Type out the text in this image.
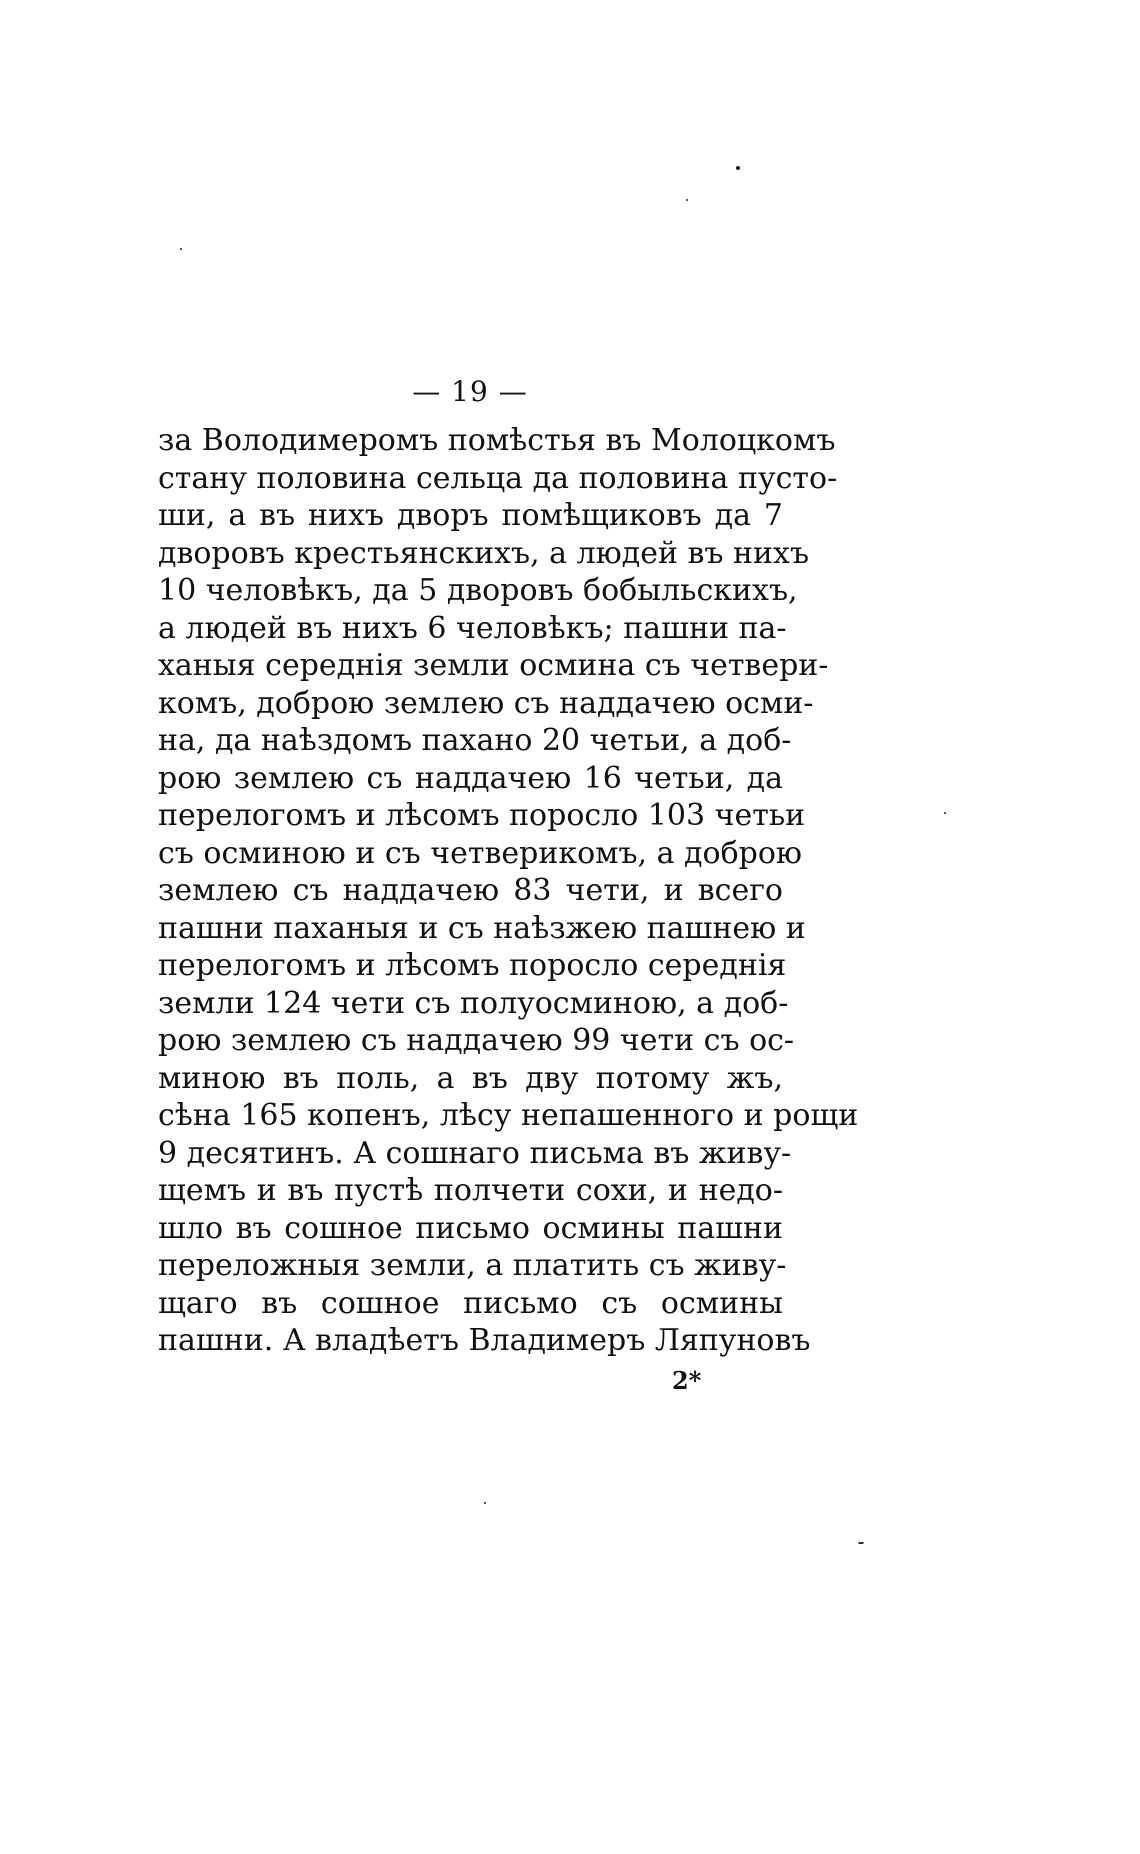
— 19 —
за Володимеромъ помѣстья въ Молоцкомъ
стану половина сельца да половина пусто-
ши, а въ нихъ дворъ помѣщиковъ да 7
дворовъ крестьянскихъ, а людей въ нихъ
10 человѣкъ, да 5 дворовъ бобыльскихъ,
а людей въ нихъ 6 человѣкъ; пашни па-
ханыя середнія земли осмина съ четвери-
комъ, доброю землею съ наддачею осми-
на, да наѣздомъ пахано 20 четьи, а доб-
рою землею съ наддачею 16 четьи, да
перелогомъ и лѣсомъ поросло 103 четьи
съ осминою и съ четверикомъ, а доброю
землею съ наддачею 83 чети, и всего
пашни паханыя и съ наѣзжею пашнею и
перелогомъ и лѣсомъ поросло середнія
земли 124 чети съ полуосминою, а доб-
рою землею съ наддачею 99 чети съ ос-
миною въ поль, а въ дву потому жъ,
сѣна 165 копенъ, лѣсу непашенного и рощи
9 десятинъ. А сошнаго письма въ живу-
щемъ и въ пустѣ полчети сохи, и недо-
шло въ сошное письмо осмины пашни
переложныя земли, а платить съ живу-
щаго въ сошное письмо съ осмины
пашни. А владѣетъ Владимеръ Ляпуновъ
2*
